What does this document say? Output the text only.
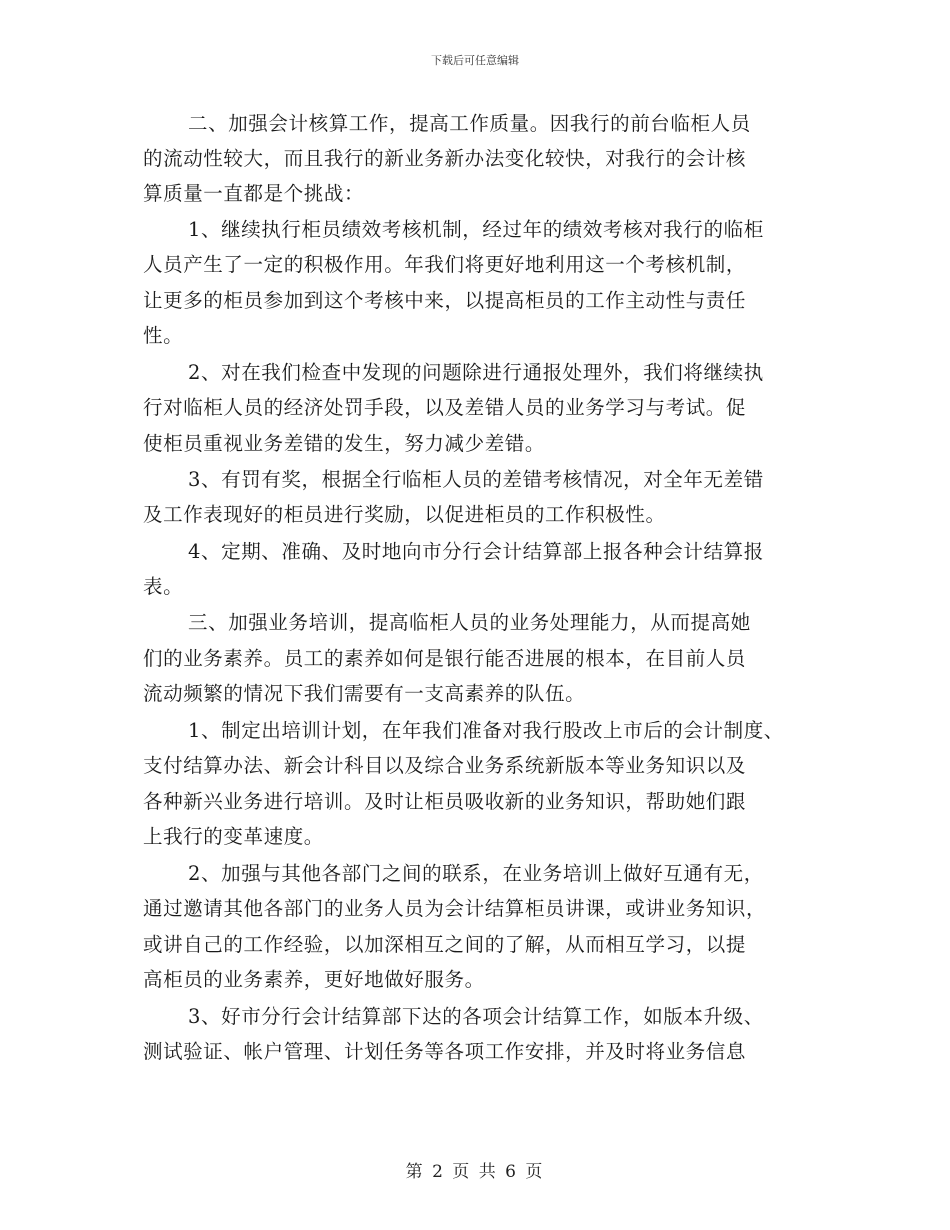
下载后可任意编辑
二、加强会计核算工作，提高工作质量。因我行的前台临柜人员
的流动性较大，而且我行的新业务新办法变化较快，对我行的会计核
算质量一直都是个挑战：
1、继续执行柜员绩效考核机制，经过年的绩效考核对我行的临柜
人员产生了一定的积极作用。年我们将更好地利用这一个考核机制，
让更多的柜员参加到这个考核中来，以提高柜员的工作主动性与责任
性。
2、对在我们检查中发现的问题除进行通报处理外，我们将继续执
行对临柜人员的经济处罚手段，以及差错人员的业务学习与考试。促
使柜员重视业务差错的发生，努力减少差错。
3、有罚有奖，根据全行临柜人员的差错考核情况，对全年无差错
及工作表现好的柜员进行奖励，以促进柜员的工作积极性。
4、定期、准确、及时地向市分行会计结算部上报各种会计结算报
表。
三、加强业务培训，提高临柜人员的业务处理能力，从而提高她
们的业务素养。员工的素养如何是银行能否进展的根本，在目前人员
流动频繁的情况下我们需要有一支高素养的队伍。
1、制定出培训计划，在年我们准备对我行股改上市后的会计制度、
支付结算办法、新会计科目以及综合业务系统新版本等业务知识以及
各种新兴业务进行培训。及时让柜员吸收新的业务知识，帮助她们跟
上我行的变革速度。
2、加强与其他各部门之间的联系，在业务培训上做好互通有无，
通过邀请其他各部门的业务人员为会计结算柜员讲课，或讲业务知识，
或讲自己的工作经验，以加深相互之间的了解，从而相互学习，以提
高柜员的业务素养，更好地做好服务。
3、好市分行会计结算部下达的各项会计结算工作，如版本升级、
测试验证、帐户管理、计划任务等各项工作安排，并及时将业务信息
第 2 页 共 6 页
